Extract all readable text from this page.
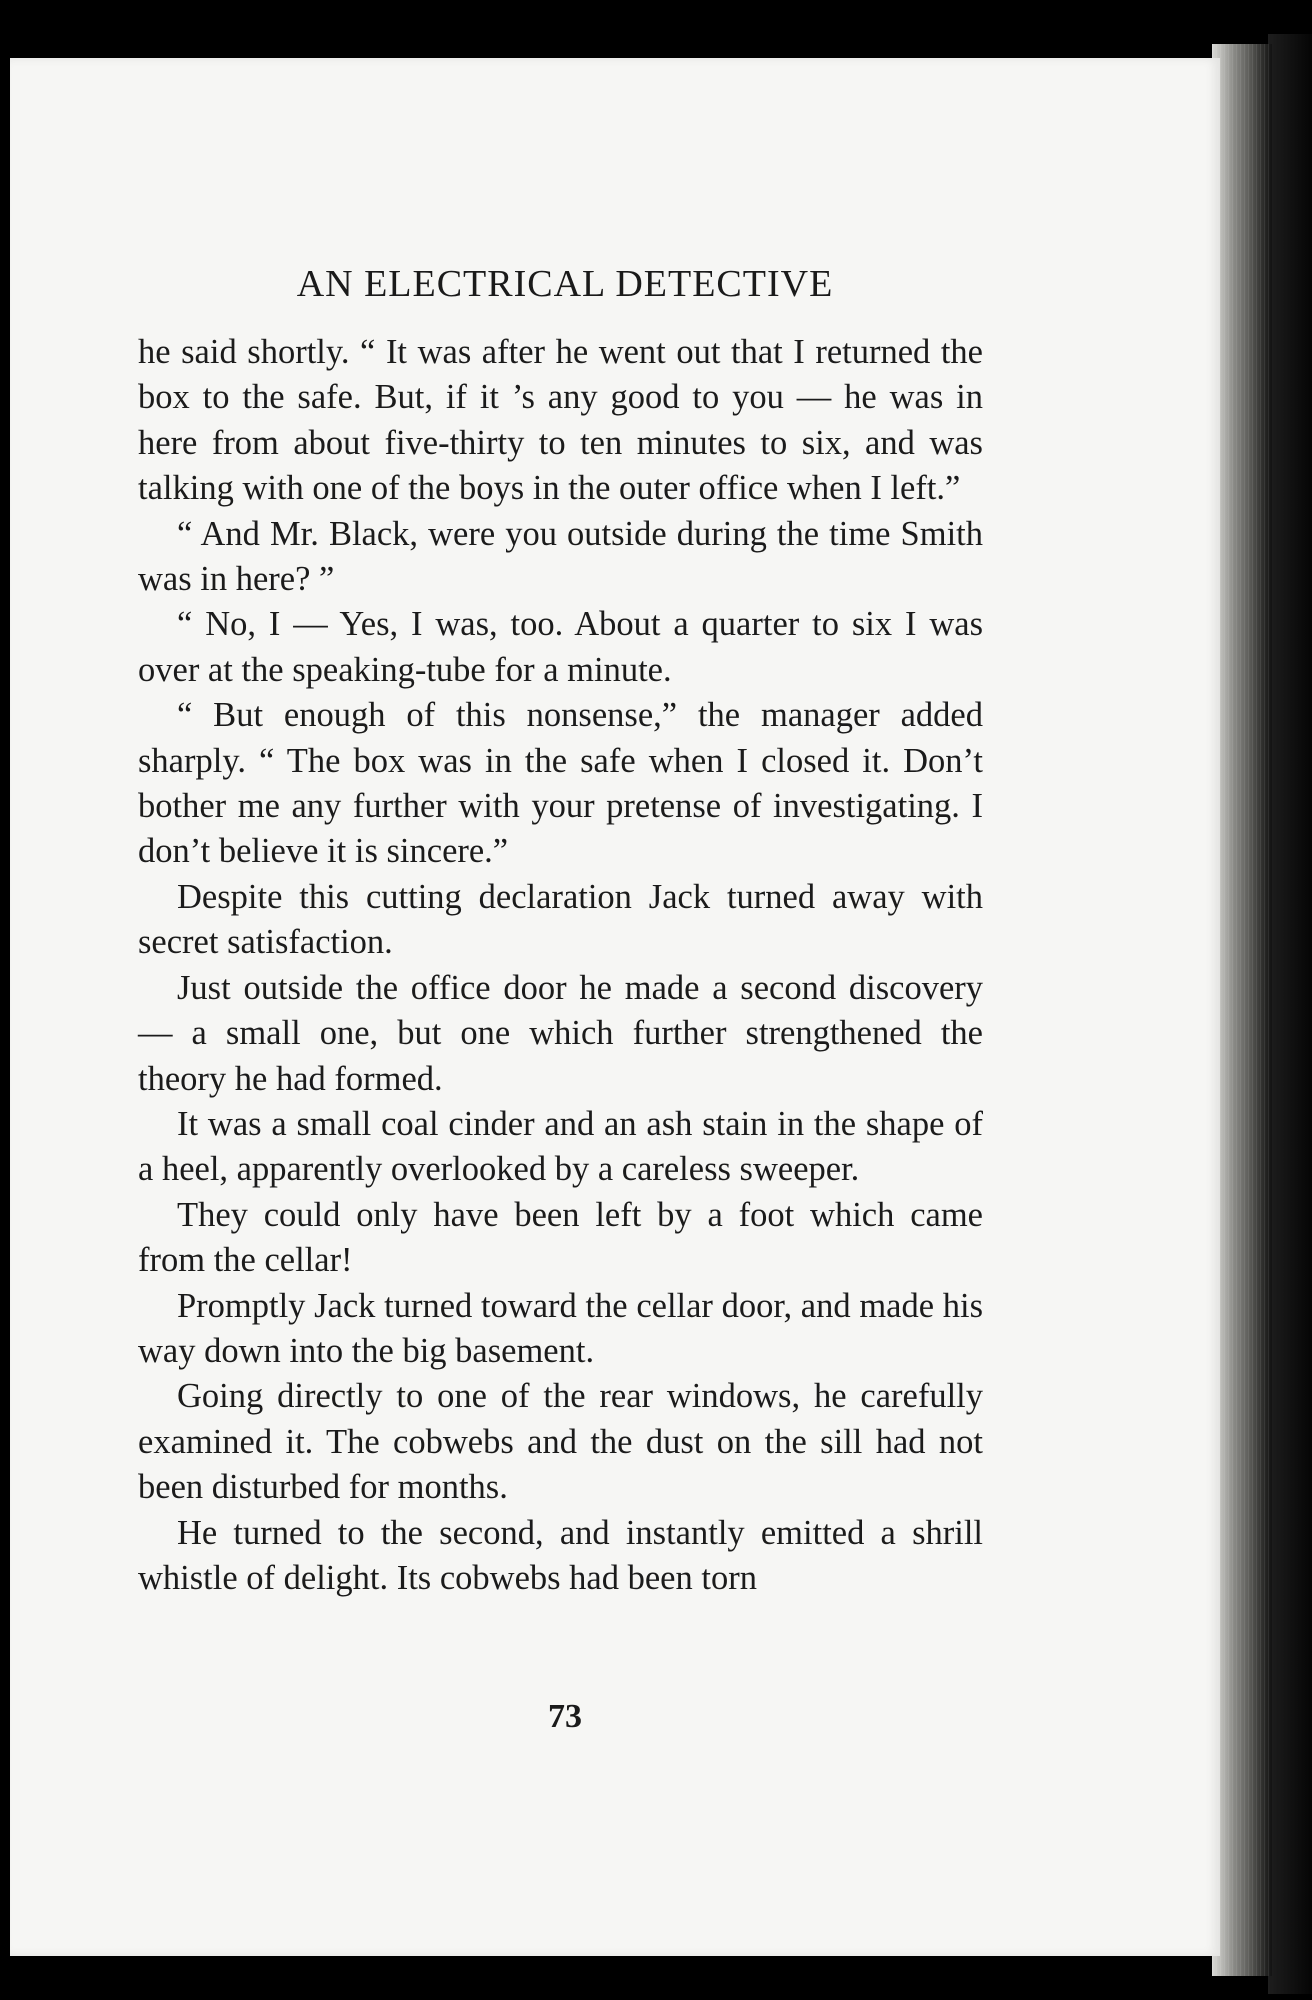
AN ELECTRICAL DETECTIVE

he said shortly. “ It was after he went out that I returned the box to the safe. But, if it ’s any good to you — he was in here from about five-thirty to ten minutes to six, and was talking with one of the boys in the outer office when I left.”

“ And Mr. Black, were you outside during the time Smith was in here? ”

“ No, I — Yes, I was, too. About a quarter to six I was over at the speaking-tube for a minute.

“ But enough of this nonsense,” the manager added sharply. “ The box was in the safe when I closed it. Don’t bother me any further with your pretense of investigating. I don’t believe it is sincere.”

Despite this cutting declaration Jack turned away with secret satisfaction.

Just outside the office door he made a second discovery — a small one, but one which further strengthened the theory he had formed.

It was a small coal cinder and an ash stain in the shape of a heel, apparently overlooked by a careless sweeper.

They could only have been left by a foot which came from the cellar!

Promptly Jack turned toward the cellar door, and made his way down into the big basement.

Going directly to one of the rear windows, he carefully examined it. The cobwebs and the dust on the sill had not been disturbed for months.

He turned to the second, and instantly emitted a shrill whistle of delight. Its cobwebs had been torn

73
